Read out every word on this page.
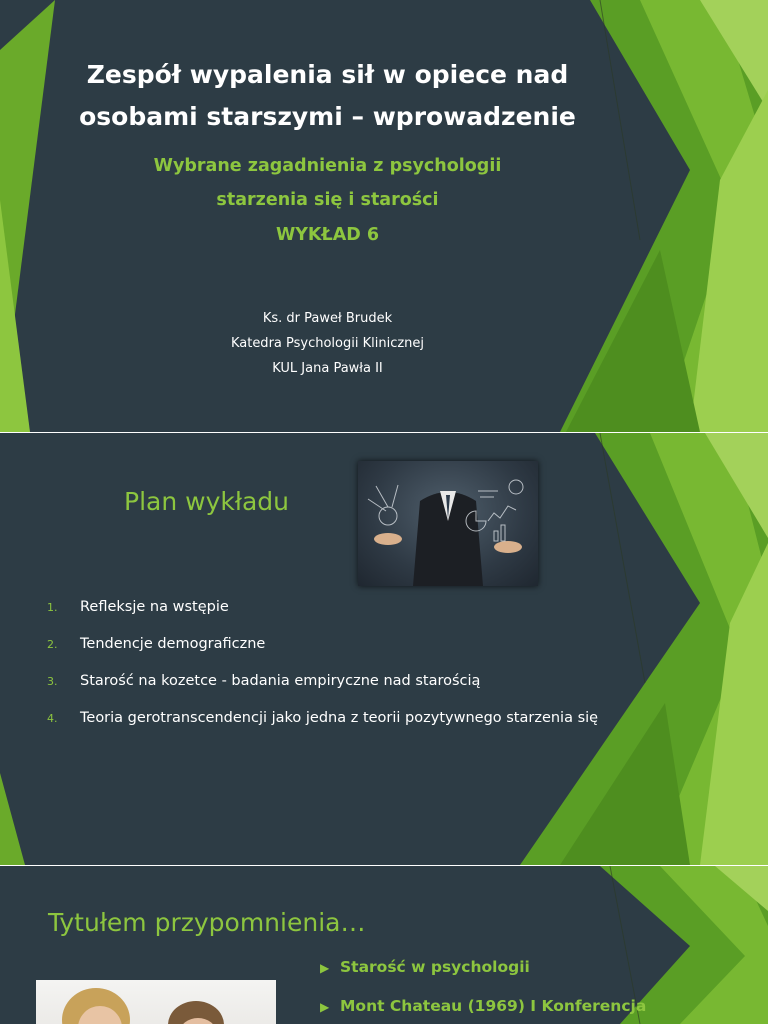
Zespół wypalenia sił w opiece nad osobami starszymi – wprowadzenie

Wybrane zagadnienia z psychologii

starzenia się i starości

WYKŁAD 6

Ks. dr Paweł Brudek

Katedra Psychologii Klinicznej

KUL Jana Pawła II

Plan wykładu

1. Refleksje na wstępie
2. Tendencje demograficzne
3. Starość na kozetce - badania empiryczne nad starością
4. Teoria gerotranscendencji jako jedna z teorii pozytywnego starzenia się

Tytułem przypomnienia…

▶ Starość w psychologii
▶ Mont Chateau (1969) I Konferencja
